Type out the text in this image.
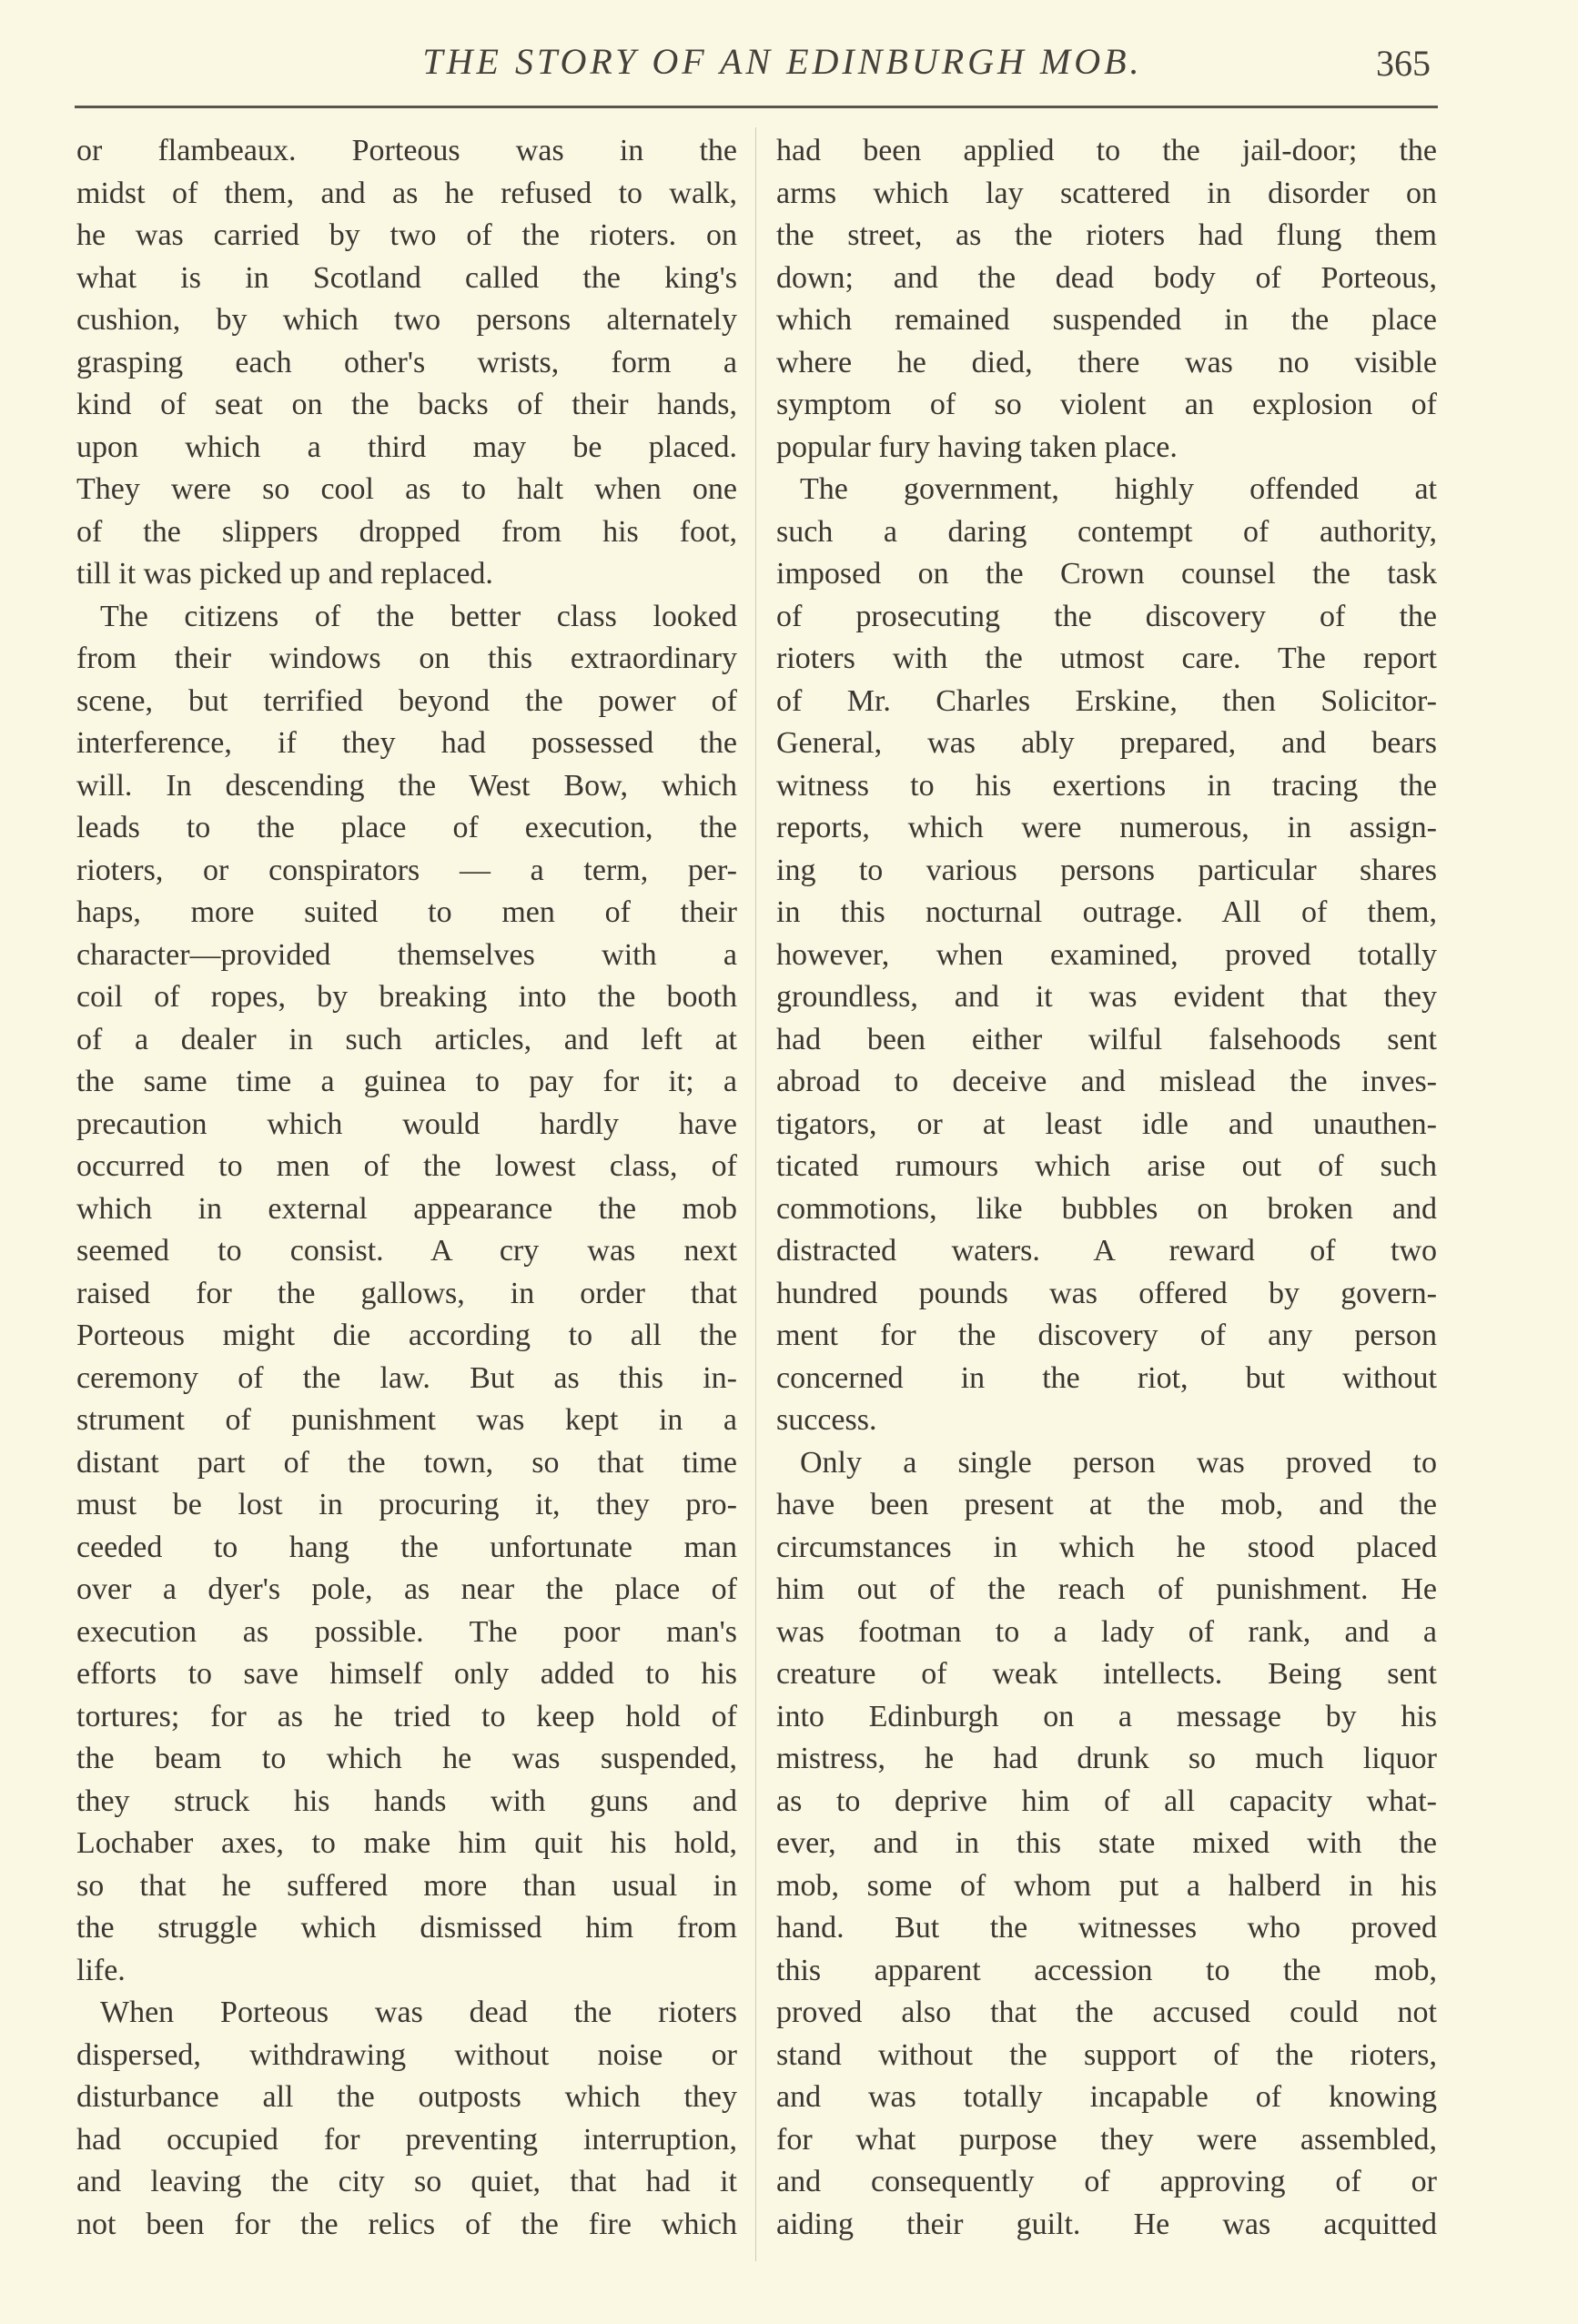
THE STORY OF AN EDINBURGH MOB.	365
or flambeaux. Porteous was in the
midst of them, and as he refused to walk,
he was carried by two of the rioters. on
what is in Scotland called the king's
cushion, by which two persons alternately
grasping each other's wrists, form a
kind of seat on the backs of their hands,
upon which a third may be placed.
They were so cool as to halt when one
of the slippers dropped from his foot,
till it was picked up and replaced.
The citizens of the better class looked
from their windows on this extraordinary
scene, but terrified beyond the power of
interference, if they had possessed the
will. In descending the West Bow, which
leads to the place of execution, the
rioters, or conspirators — a term, per-
haps, more suited to men of their
character—provided themselves with a
coil of ropes, by breaking into the booth
of a dealer in such articles, and left at
the same time a guinea to pay for it; a
precaution which would hardly have
occurred to men of the lowest class, of
which in external appearance the mob
seemed to consist. A cry was next
raised for the gallows, in order that
Porteous might die according to all the
ceremony of the law. But as this in-
strument of punishment was kept in a
distant part of the town, so that time
must be lost in procuring it, they pro-
ceeded to hang the unfortunate man
over a dyer's pole, as near the place of
execution as possible. The poor man's
efforts to save himself only added to his
tortures; for as he tried to keep hold of
the beam to which he was suspended,
they struck his hands with guns and
Lochaber axes, to make him quit his hold,
so that he suffered more than usual in
the struggle which dismissed him from
life.
When Porteous was dead the rioters
dispersed, withdrawing without noise or
disturbance all the outposts which they
had occupied for preventing interruption,
and leaving the city so quiet, that had it
not been for the relics of the fire which
had been applied to the jail-door; the
arms which lay scattered in disorder on
the street, as the rioters had flung them
down; and the dead body of Porteous,
which remained suspended in the place
where he died, there was no visible
symptom of so violent an explosion of
popular fury having taken place.
The government, highly offended at
such a daring contempt of authority,
imposed on the Crown counsel the task
of prosecuting the discovery of the
rioters with the utmost care. The report
of Mr. Charles Erskine, then Solicitor-
General, was ably prepared, and bears
witness to his exertions in tracing the
reports, which were numerous, in assign-
ing to various persons particular shares
in this nocturnal outrage. All of them,
however, when examined, proved totally
groundless, and it was evident that they
had been either wilful falsehoods sent
abroad to deceive and mislead the inves-
tigators, or at least idle and unauthen-
ticated rumours which arise out of such
commotions, like bubbles on broken and
distracted waters. A reward of two
hundred pounds was offered by govern-
ment for the discovery of any person
concerned in the riot, but without
success.
Only a single person was proved to
have been present at the mob, and the
circumstances in which he stood placed
him out of the reach of punishment. He
was footman to a lady of rank, and a
creature of weak intellects. Being sent
into Edinburgh on a message by his
mistress, he had drunk so much liquor
as to deprive him of all capacity what-
ever, and in this state mixed with the
mob, some of whom put a halberd in his
hand. But the witnesses who proved
this apparent accession to the mob,
proved also that the accused could not
stand without the support of the rioters,
and was totally incapable of knowing
for what purpose they were assembled,
and consequently of approving of or
aiding their guilt. He was acquitted
